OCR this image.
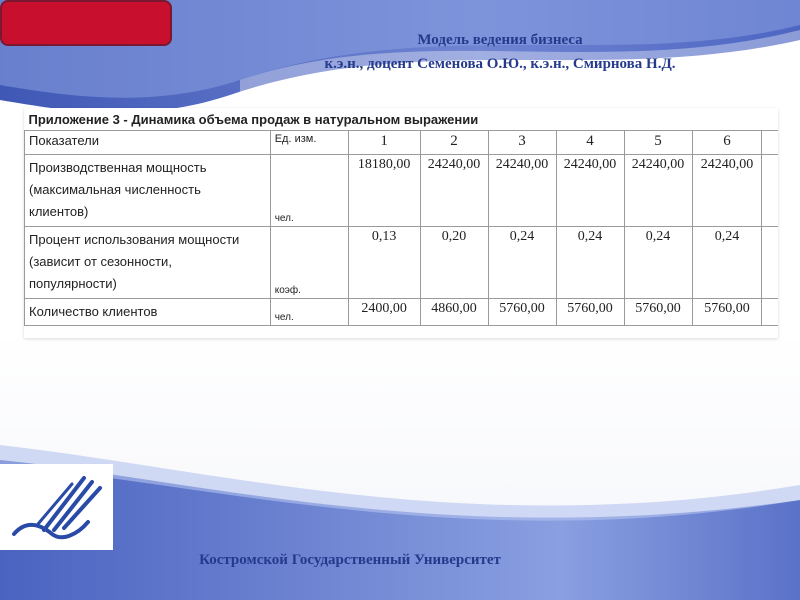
Модель ведения бизнеса
к.э.н., доцент Семенова О.Ю., к.э.н., Смирнова Н.Д.
Приложение 3 - Динамика объема продаж в натуральном выражении								
Показатели	Ед. изм.	1	2	3	4	5	6	

Производственная мощность
(максимальная численность
клиентов)	чел.	18180,00	24240,00	24240,00	24240,00	24240,00	24240,00	

Процент использования мощности
(зависит от сезонности,
популярности)	коэф.	0,13	0,20	0,24	0,24	0,24	0,24	
Количество клиентов	чел.	2400,00	4860,00	5760,00	5760,00	5760,00	5760,00	
Костромской Государственный Университет
